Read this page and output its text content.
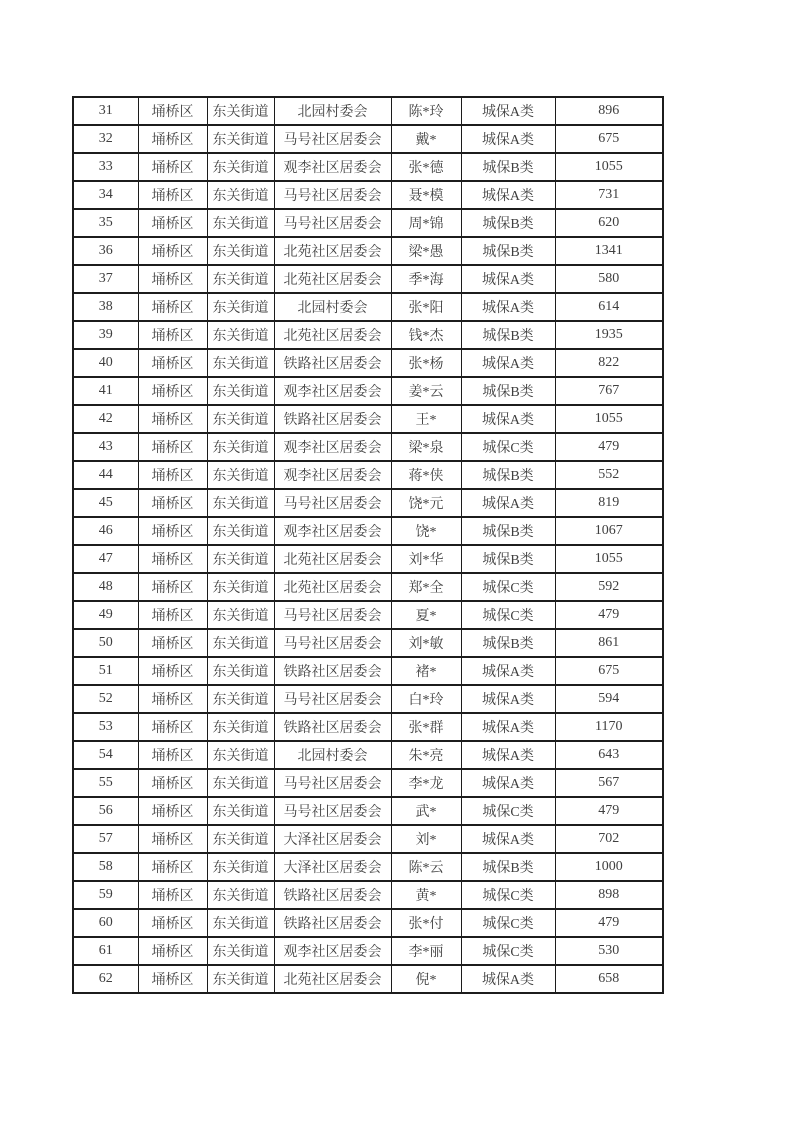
31	埇桥区	东关街道	北园村委会	陈*玲	城保A类	896
32	埇桥区	东关街道	马号社区居委会	戴*	城保A类	675
33	埇桥区	东关街道	观李社区居委会	张*德	城保B类	1055
34	埇桥区	东关街道	马号社区居委会	聂*模	城保A类	731
35	埇桥区	东关街道	马号社区居委会	周*锦	城保B类	620
36	埇桥区	东关街道	北苑社区居委会	梁*愚	城保B类	1341
37	埇桥区	东关街道	北苑社区居委会	季*海	城保A类	580
38	埇桥区	东关街道	北园村委会	张*阳	城保A类	614
39	埇桥区	东关街道	北苑社区居委会	钱*杰	城保B类	1935
40	埇桥区	东关街道	铁路社区居委会	张*杨	城保A类	822
41	埇桥区	东关街道	观李社区居委会	姜*云	城保B类	767
42	埇桥区	东关街道	铁路社区居委会	王*	城保A类	1055
43	埇桥区	东关街道	观李社区居委会	梁*泉	城保C类	479
44	埇桥区	东关街道	观李社区居委会	蒋*侠	城保B类	552
45	埇桥区	东关街道	马号社区居委会	饶*元	城保A类	819
46	埇桥区	东关街道	观李社区居委会	饶*	城保B类	1067
47	埇桥区	东关街道	北苑社区居委会	刘*华	城保B类	1055
48	埇桥区	东关街道	北苑社区居委会	郑*全	城保C类	592
49	埇桥区	东关街道	马号社区居委会	夏*	城保C类	479
50	埇桥区	东关街道	马号社区居委会	刘*敏	城保B类	861
51	埇桥区	东关街道	铁路社区居委会	褚*	城保A类	675
52	埇桥区	东关街道	马号社区居委会	白*玲	城保A类	594
53	埇桥区	东关街道	铁路社区居委会	张*群	城保A类	1170
54	埇桥区	东关街道	北园村委会	朱*亮	城保A类	643
55	埇桥区	东关街道	马号社区居委会	李*龙	城保A类	567
56	埇桥区	东关街道	马号社区居委会	武*	城保C类	479
57	埇桥区	东关街道	大泽社区居委会	刘*	城保A类	702
58	埇桥区	东关街道	大泽社区居委会	陈*云	城保B类	1000
59	埇桥区	东关街道	铁路社区居委会	黄*	城保C类	898
60	埇桥区	东关街道	铁路社区居委会	张*付	城保C类	479
61	埇桥区	东关街道	观李社区居委会	李*丽	城保C类	530
62	埇桥区	东关街道	北苑社区居委会	倪*	城保A类	658
